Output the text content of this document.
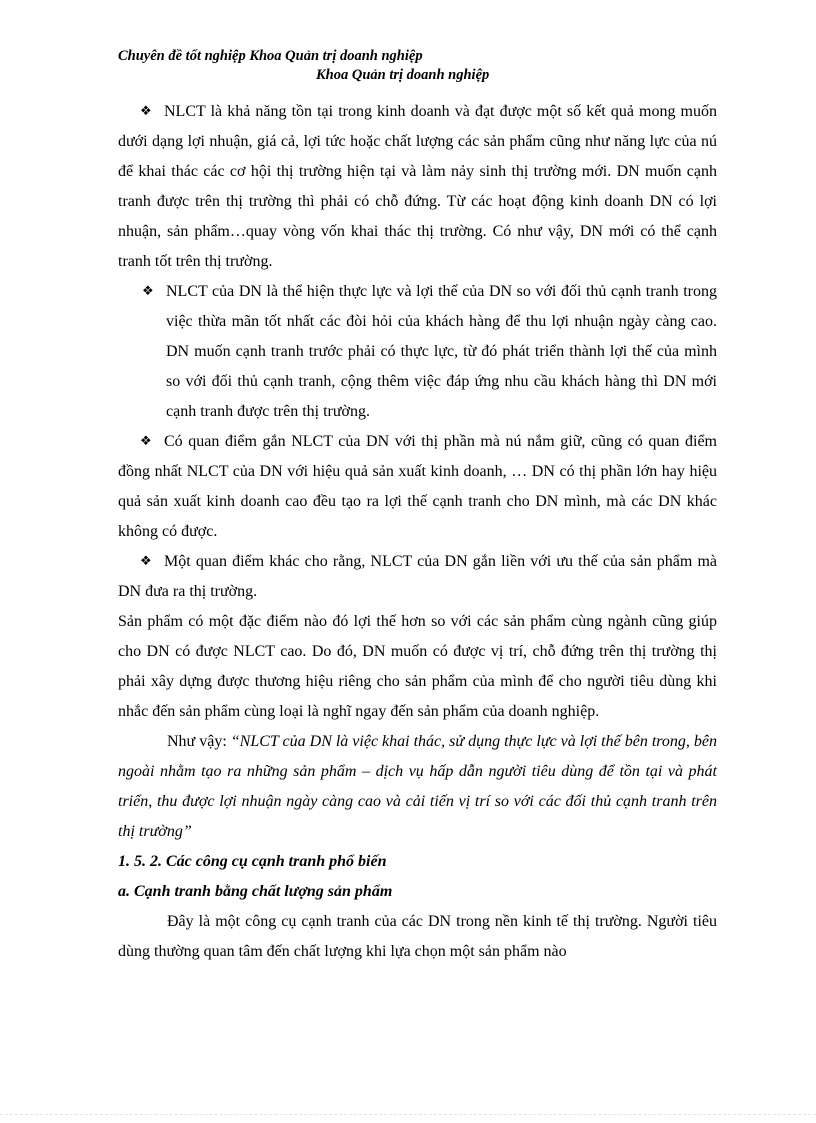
Chuyên đề tốt nghiệp Khoa Quản trị doanh nghiệp
Khoa Quản trị doanh nghiệp

❖ NLCT là khả năng tồn tại trong kinh doanh và đạt được một số kết quả mong muốn dưới dạng lợi nhuận, giá cả, lợi tức hoặc chất lượng các sản phẩm cũng như năng lực của nú để khai thác các cơ hội thị trường hiện tại và làm nảy sinh thị trường mới. DN muốn cạnh tranh được trên thị trường thì phải có chỗ đứng. Từ các hoạt động kinh doanh DN có lợi nhuận, sản phẩm…quay vòng vốn khai thác thị trường. Có như vậy, DN mới có thể cạnh tranh tốt trên thị trường.

❖ NLCT của DN là thể hiện thực lực và lợi thế của DN so với đối thủ cạnh tranh trong việc thừa mãn tốt nhất các đòi hỏi của khách hàng để thu lợi nhuận ngày càng cao. DN muốn cạnh tranh trước phải có thực lực, từ đó phát triển thành lợi thế của mình so với đối thủ cạnh tranh, cộng thêm việc đáp ứng nhu cầu khách hàng thì DN mới cạnh tranh được trên thị trường.

❖ Có quan điểm gắn NLCT của DN với thị phần mà nú nắm giữ, cũng có quan điểm đồng nhất NLCT của DN với hiệu quả sản xuất kinh doanh, … DN có thị phần lớn hay hiệu quả sản xuất kinh doanh cao đều tạo ra lợi thế cạnh tranh cho DN mình, mà các DN khác không có được.

❖ Một quan điểm khác cho rằng, NLCT của DN gắn liền với ưu thế của sản phẩm mà DN đưa ra thị trường.

Sản phẩm có một đặc điểm nào đó lợi thế hơn so với các sản phẩm cùng ngành cũng giúp cho DN có được NLCT cao. Do đó, DN muốn có được vị trí, chỗ đứng trên thị trường thị phải xây dựng được thương hiệu riêng cho sản phẩm của mình để cho người tiêu dùng khi nhắc đến sản phẩm cùng loại là nghĩ ngay đến sản phẩm của doanh nghiệp.

Như vậy: “NLCT của DN là việc khai thác, sử dụng thực lực và lợi thế bên trong, bên ngoài nhằm tạo ra những sản phẩm – dịch vụ hấp dẫn người tiêu dùng để tồn tại và phát triển, thu được lợi nhuận ngày càng cao và cải tiến vị trí so với các đối thủ cạnh tranh trên thị trường”

1. 5. 2. Các công cụ cạnh tranh phổ biến

a. Cạnh tranh bằng chất lượng sản phẩm

Đây là một công cụ cạnh tranh của các DN trong nền kinh tế thị trường. Người tiêu dùng thường quan tâm đến chất lượng khi lựa chọn một sản phẩm nào
